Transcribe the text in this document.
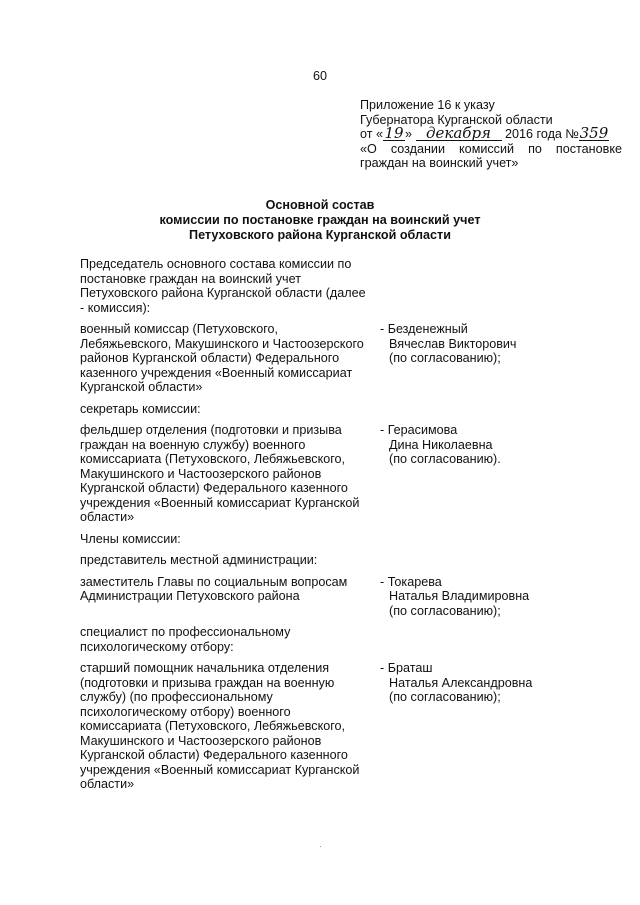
60
Приложение 16 к указу
Губернатора Курганской области
от «19» декабря 2016 года №359
«О создании комиссий по постановке
граждан на воинский учет»
Основной состав
комиссии по постановке граждан на воинский учет
Петуховского района Курганской области
Председатель основного состава комиссии по постановке граждан на воинский учет Петуховского района Курганской области (далее - комиссия):
военный комиссар (Петуховского, Лебяжьевского, Макушинского и Частоозерского районов Курганской области) Федерального казенного учреждения «Военный комиссариат Курганской области»
- Безденежный
Вячеслав Викторович
(по согласованию);
секретарь комиссии:
фельдшер отделения (подготовки и призыва граждан на военную службу) военного комиссариата (Петуховского, Лебяжьевского, Макушинского и Частоозерского районов Курганской области) Федерального казенного учреждения «Военный комиссариат Курганской области»
- Герасимова
Дина Николаевна
(по согласованию).
Члены комиссии:
представитель местной администрации:
заместитель Главы по социальным вопросам Администрации Петуховского района
- Токарева
Наталья Владимировна
(по согласованию);
специалист по профессиональному психологическому отбору:
старший помощник начальника отделения (подготовки и призыва граждан на военную службу) (по профессиональному психологическому отбору) военного комиссариата (Петуховского, Лебяжьевского, Макушинского и Частоозерского районов Курганской области) Федерального казенного учреждения «Военный комиссариат Курганской области»
- Браташ
Наталья Александровна
(по согласованию);
